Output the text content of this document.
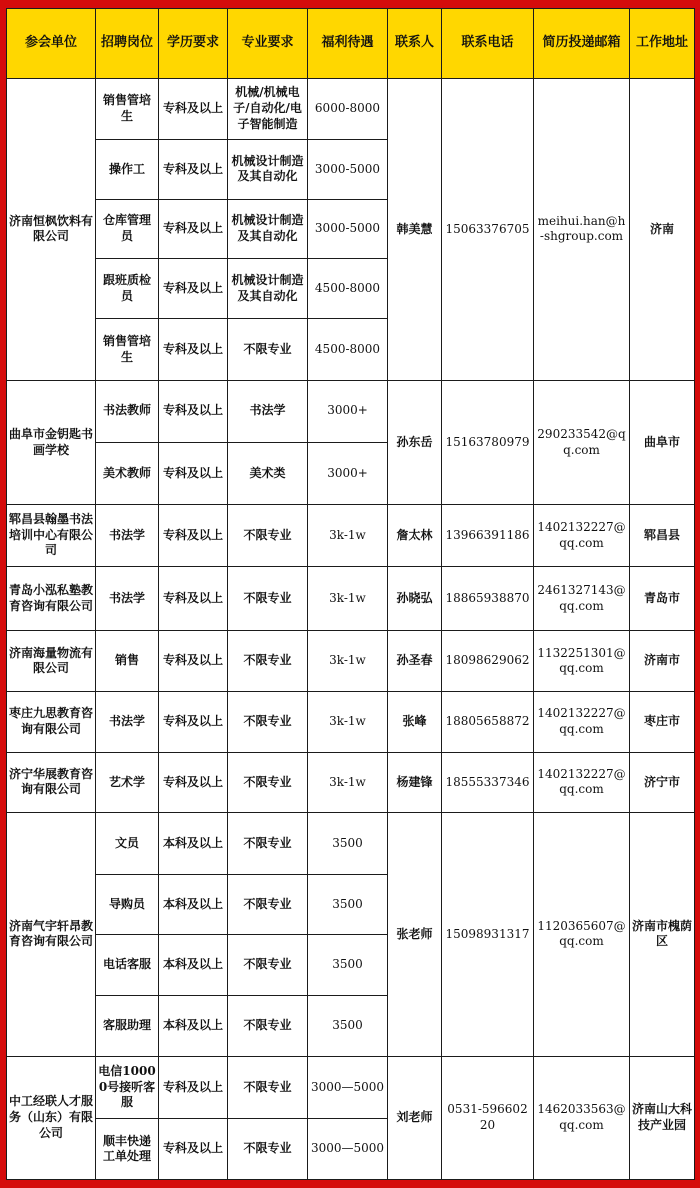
参会单位	招聘岗位	学历要求	专业要求	福利待遇	联系人	联系电话	简历投递邮箱	工作地址
济南恒枫饮料有限公司	销售管培生	专科及以上	机械/机械电子/自动化/电子智能制造	6000-8000	韩美慧	15063376705	meihui.han@h-shgroup.com	济南
	操作工	专科及以上	机械设计制造及其自动化	3000-5000				
	仓库管理员	专科及以上	机械设计制造及其自动化	3000-5000				
	跟班质检员	专科及以上	机械设计制造及其自动化	4500-8000				
	销售管培生	专科及以上	不限专业	4500-8000				
曲阜市金钥匙书画学校	书法教师	专科及以上	书法学	3000+	孙东岳	15163780979	290233542@qq.com	曲阜市
	美术教师	专科及以上	美术类	3000+				
郓昌县翰墨书法培训中心有限公司	书法学	专科及以上	不限专业	3k-1w	詹太林	13966391186	1402132227@qq.com	郓昌县
青岛小泓私塾教育咨询有限公司	书法学	专科及以上	不限专业	3k-1w	孙晓弘	18865938870	2461327143@qq.com	青岛市
济南海量物流有限公司	销售	专科及以上	不限专业	3k-1w	孙圣春	18098629062	1132251301@qq.com	济南市
枣庄九思教育咨询有限公司	书法学	专科及以上	不限专业	3k-1w	张峰	18805658872	1402132227@qq.com	枣庄市
济宁华展教育咨询有限公司	艺术学	专科及以上	不限专业	3k-1w	杨建锋	18555337346	1402132227@qq.com	济宁市
济南气宇轩昂教育咨询有限公司	文员	本科及以上	不限专业	3500	张老师	15098931317	1120365607@qq.com	济南市槐荫区
	导购员	本科及以上	不限专业	3500				
	电话客服	本科及以上	不限专业	3500				
	客服助理	本科及以上	不限专业	3500				
中工经联人才服务（山东）有限公司	电信10000号接听客服	专科及以上	不限专业	3000—5000	刘老师	0531-59660220	1462033563@qq.com	济南山大科技产业园
	顺丰快递工单处理	专科及以上	不限专业	3000—5000				
